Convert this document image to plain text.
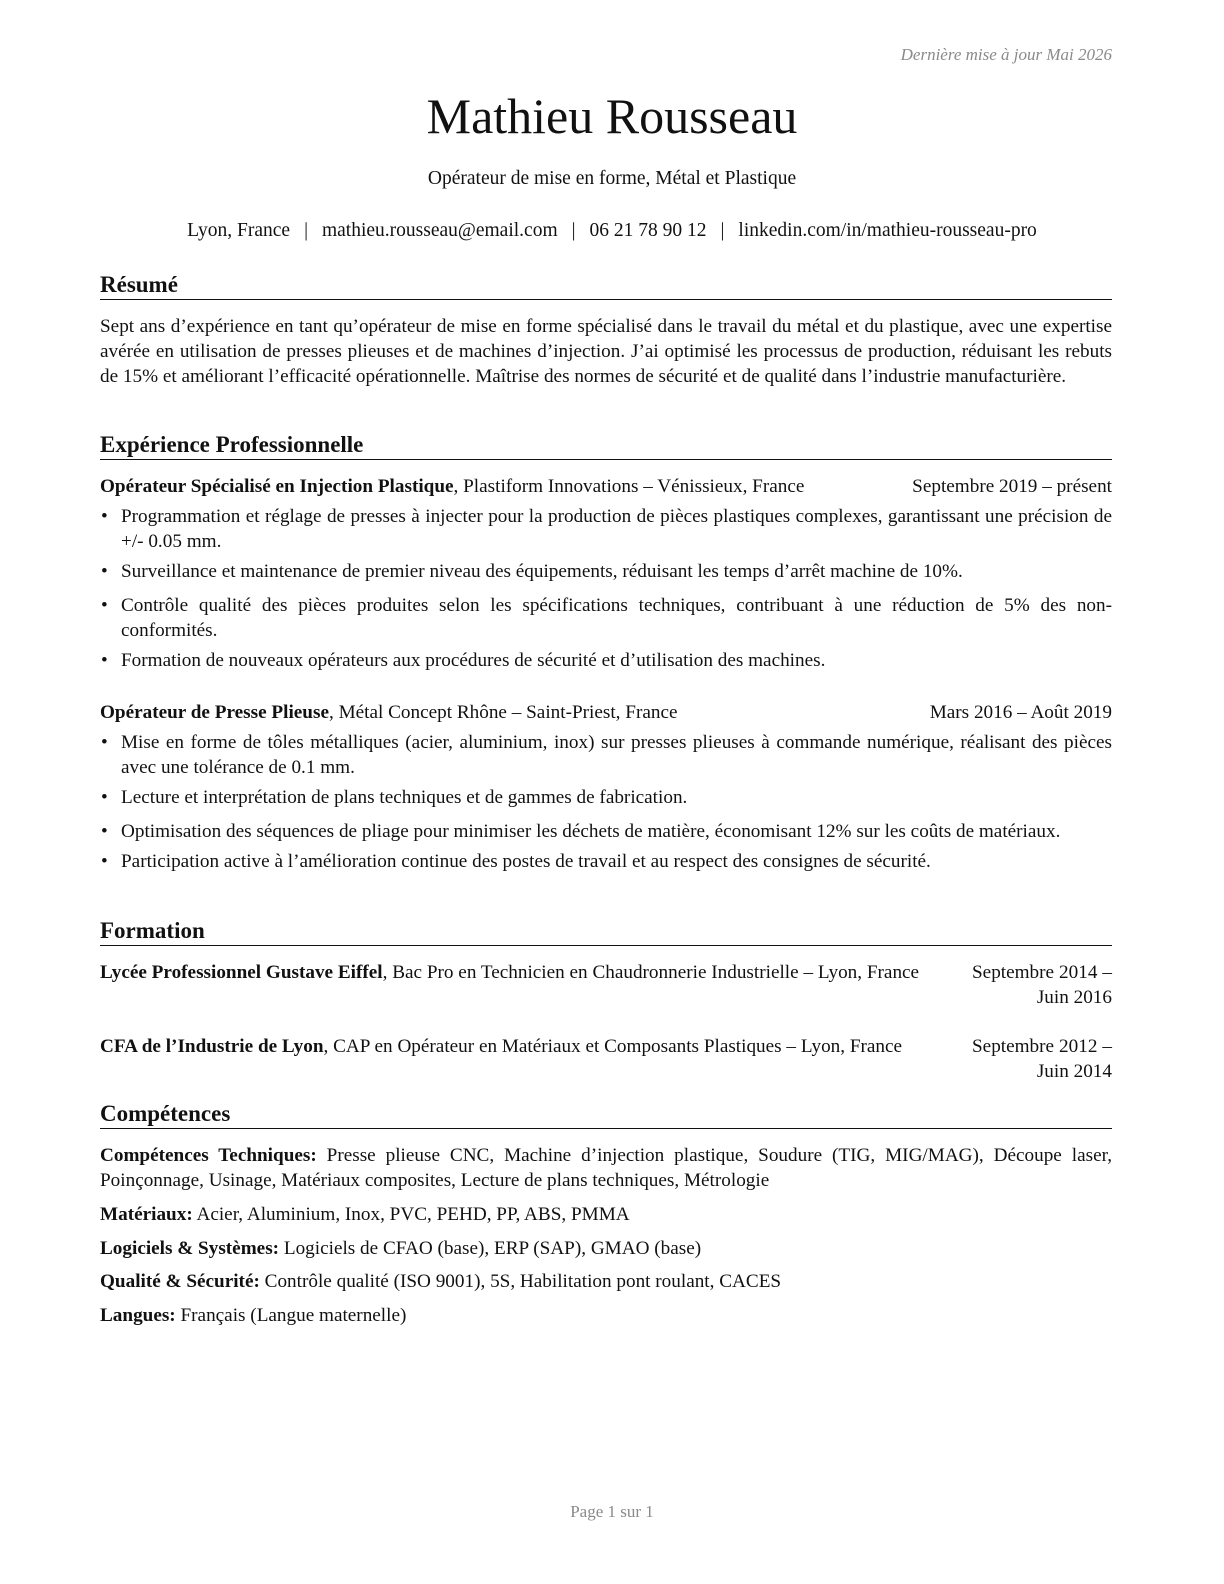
Dernière mise à jour Mai 2026
Mathieu Rousseau
Opérateur de mise en forme, Métal et Plastique
Lyon, France | mathieu.rousseau@email.com | 06 21 78 90 12 | linkedin.com/in/mathieu-rousseau-pro
Résumé
Sept ans d’expérience en tant qu’opérateur de mise en forme spécialisé dans le travail du métal et du plastique, avec une expertise avérée en utilisation de presses plieuses et de machines d’injection. J’ai optimisé les processus de production, réduisant les rebuts de 15% et améliorant l’efficacité opérationnelle. Maîtrise des normes de sécurité et de qualité dans l’industrie manufacturière.
Expérience Professionnelle
Opérateur Spécialisé en Injection Plastique, Plastiform Innovations – Vénissieux, France	Septembre 2019 – présent
• Programmation et réglage de presses à injecter pour la production de pièces plastiques complexes, garantissant une précision de +/- 0.05 mm.
• Surveillance et maintenance de premier niveau des équipements, réduisant les temps d’arrêt machine de 10%.
• Contrôle qualité des pièces produites selon les spécifications techniques, contribuant à une réduction de 5% des non-conformités.
• Formation de nouveaux opérateurs aux procédures de sécurité et d’utilisation des machines.
Opérateur de Presse Plieuse, Métal Concept Rhône – Saint-Priest, France	Mars 2016 – Août 2019
• Mise en forme de tôles métalliques (acier, aluminium, inox) sur presses plieuses à commande numérique, réalisant des pièces avec une tolérance de 0.1 mm.
• Lecture et interprétation de plans techniques et de gammes de fabrication.
• Optimisation des séquences de pliage pour minimiser les déchets de matière, économisant 12% sur les coûts de matériaux.
• Participation active à l’amélioration continue des postes de travail et au respect des consignes de sécurité.
Formation
Lycée Professionnel Gustave Eiffel, Bac Pro en Technicien en Chaudronnerie Industrielle – Lyon, France	Septembre 2014 – Juin 2016
CFA de l’Industrie de Lyon, CAP en Opérateur en Matériaux et Composants Plastiques – Lyon, France	Septembre 2012 – Juin 2014
Compétences
Compétences Techniques: Presse plieuse CNC, Machine d’injection plastique, Soudure (TIG, MIG/MAG), Découpe laser, Poinçonnage, Usinage, Matériaux composites, Lecture de plans techniques, Métrologie
Matériaux: Acier, Aluminium, Inox, PVC, PEHD, PP, ABS, PMMA
Logiciels & Systèmes: Logiciels de CFAO (base), ERP (SAP), GMAO (base)
Qualité & Sécurité: Contrôle qualité (ISO 9001), 5S, Habilitation pont roulant, CACES
Langues: Français (Langue maternelle)
Page 1 sur 1
